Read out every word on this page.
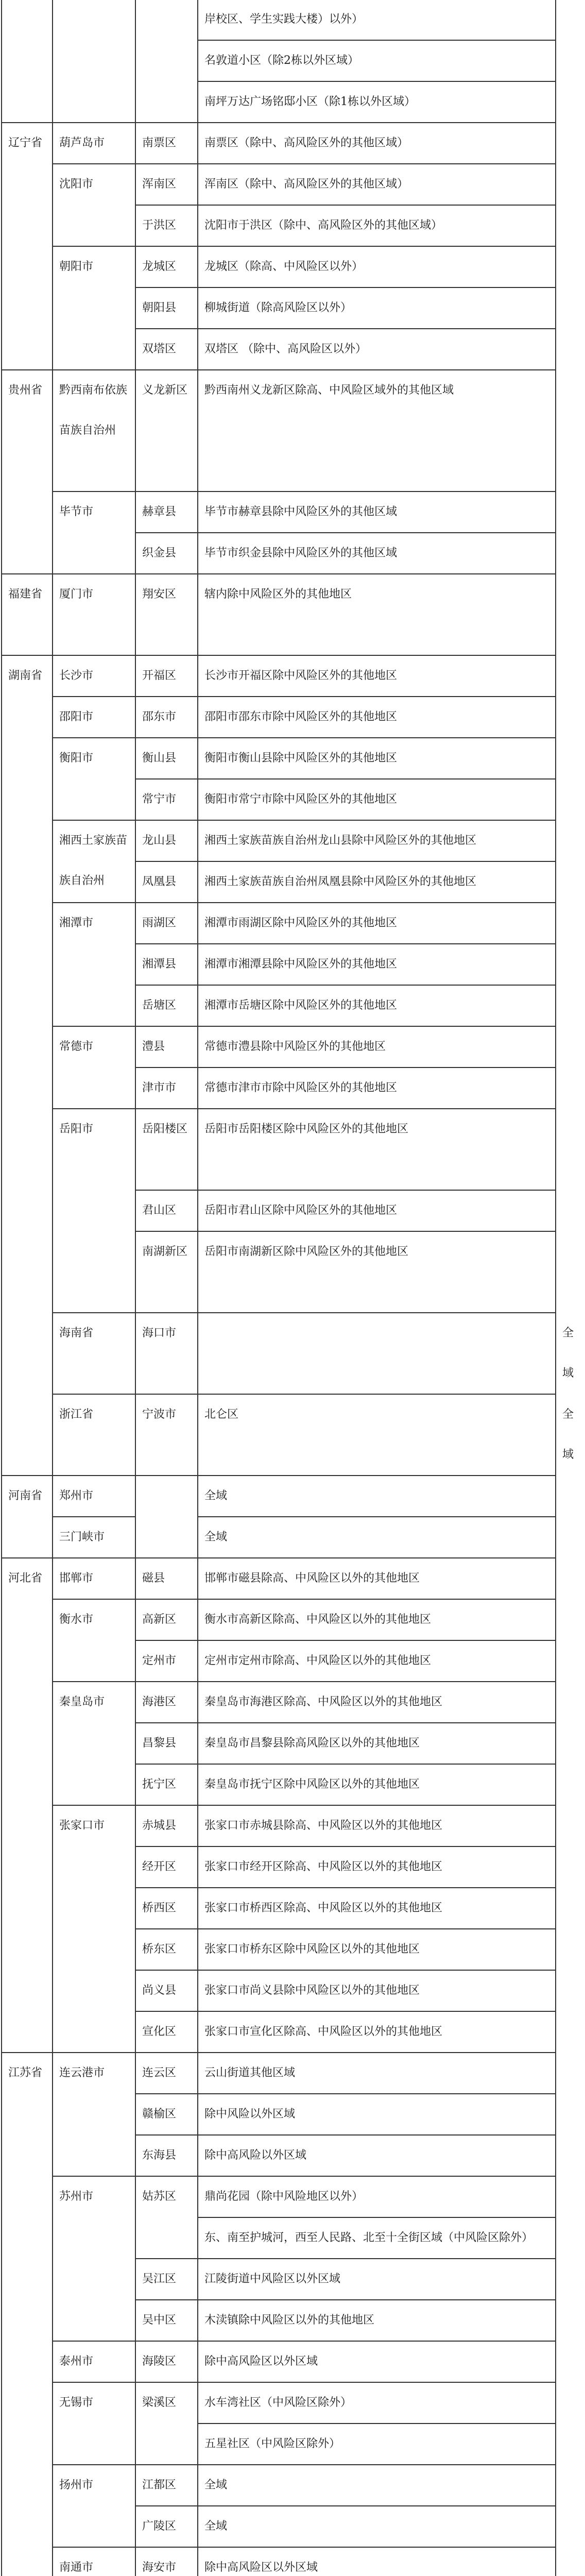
			岸校区、学生实践大楼）以外）	
			名敦道小区（除2栋以外区域）	
			南坪万达广场铭邸小区（除1栋以外区域）	
辽宁省	葫芦岛市	南票区	南票区（除中、高风险区外的其他区域）	
	沈阳市	浑南区	浑南区（除中、高风险区外的其他区域）	
		于洪区	沈阳市于洪区（除中、高风险区外的其他区域）	
	朝阳市	龙城区	龙城区（除高、中风险区以外）	
		朝阳县	柳城街道（除高风险区以外）	
		双塔区	双塔区 （除中、高风险区以外）	
贵州省	黔西南布依族苗族自治州	义龙新区	黔西南州义龙新区除高、中风险区域外的其他区域	
	毕节市	赫章县	毕节市赫章县除中风险区外的其他区域	
		织金县	毕节市织金县除中风险区外的其他区域	
福建省	厦门市	翔安区	辖内除中风险区外的其他地区	
湖南省	长沙市	开福区	长沙市开福区除中风险区外的其他地区	
	邵阳市	邵东市	邵阳市邵东市除中风险区外的其他地区	
	衡阳市	衡山县	衡阳市衡山县除中风险区外的其他地区	
		常宁市	衡阳市常宁市除中风险区外的其他地区	
	湘西土家族苗族自治州	龙山县	湘西土家族苗族自治州龙山县除中风险区外的其他地区	
		凤凰县	湘西土家族苗族自治州凤凰县除中风险区外的其他地区	
	湘潭市	雨湖区	湘潭市雨湖区除中风险区外的其他地区	
		湘潭县	湘潭市湘潭县除中风险区外的其他地区	
		岳塘区	湘潭市岳塘区除中风险区外的其他地区	
	常德市	澧县	常德市澧县除中风险区外的其他地区	
		津市市	常德市津市市除中风险区外的其他地区	
	岳阳市	岳阳楼区	岳阳市岳阳楼区除中风险区外的其他地区	
		君山区	岳阳市君山区除中风险区外的其他地区	
		南湖新区	岳阳市南湖新区除中风险区外的其他地区	
	海南省	海口市		全域
	浙江省	宁波市	北仑区	全域
河南省	郑州市		全域	
	三门峡市		全域	
河北省	邯郸市	磁县	邯郸市磁县除高、中风险区以外的其他地区	
	衡水市	高新区	衡水市高新区除高、中风险区以外的其他地区	
		定州市	定州市定州市除高、中风险区以外的其他地区	
	秦皇岛市	海港区	秦皇岛市海港区除高、中风险区以外的其他地区	
		昌黎县	秦皇岛市昌黎县除高风险区以外的其他地区	
		抚宁区	秦皇岛市抚宁区除中风险区以外的其他地区	
	张家口市	赤城县	张家口市赤城县除高、中风险区以外的其他地区	
		经开区	张家口市经开区除高、中风险区以外的其他地区	
		桥西区	张家口市桥西区除高、中风险区以外的其他地区	
		桥东区	张家口市桥东区除中风险区以外的其他地区	
		尚义县	张家口市尚义县除中风险区以外的其他地区	
		宣化区	张家口市宣化区除高、中风险区以外的其他地区	
江苏省	连云港市	连云区	云山街道其他区域	
		赣榆区	除中风险以外区域	
		东海县	除中高风险以外区域	
	苏州市	姑苏区	鼎尚花园（除中风险地区以外）	
			东、南至护城河，西至人民路、北至十全街区域（中风险区除外）	
		吴江区	江陵街道中风险区以外区域	
		吴中区	木渎镇除中风险区以外的其他地区	
	泰州市	海陵区	除中高风险区以外区域	
	无锡市	梁溪区	水车湾社区（中风险区除外）	
			五星社区（中风险区除外）	
	扬州市	江都区	全域	
		广陵区	全域	
	南通市	海安市	除中高风险区以外区域	
